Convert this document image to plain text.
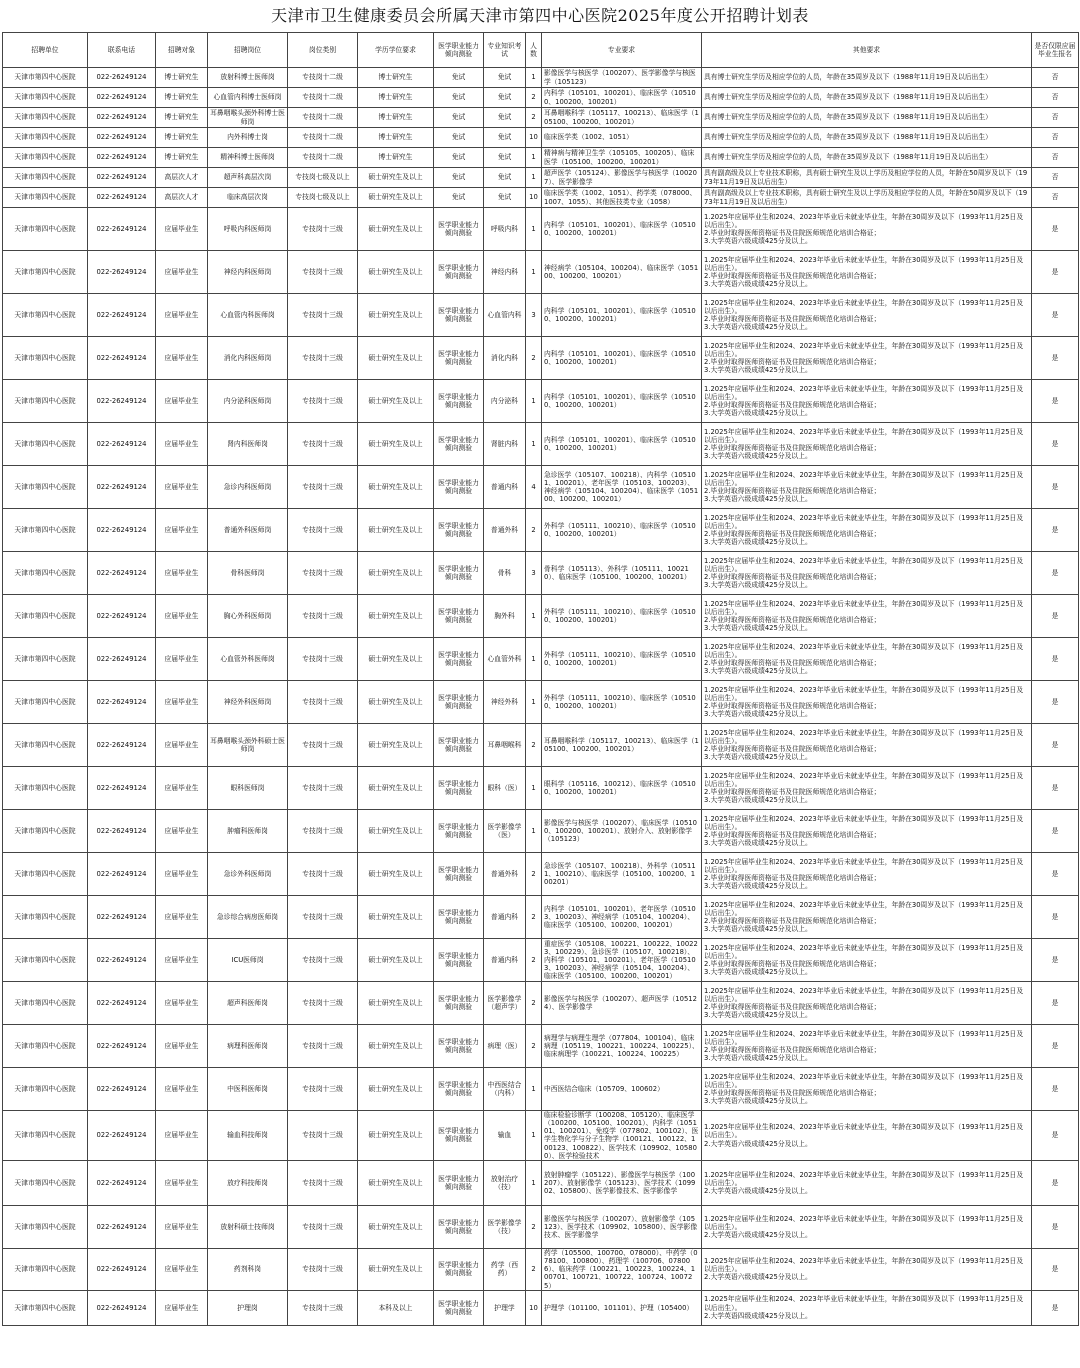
天津市卫生健康委员会所属天津市第四中心医院2025年度公开招聘计划表
招聘单位	联系电话	招聘对象	招聘岗位	岗位类别	学历学位要求	医学职业能力倾向测验	专业知识考试	人数	专业要求	其他要求	是否仅限应届毕业生报名
天津市第四中心医院	022-26249124	博士研究生	放射科博士医师岗	专技岗十二级	博士研究生	免试	免试	1	影像医学与核医学（100207）、医学影像学与核医学（105123）	具有博士研究生学历及相应学位的人员，年龄在35周岁及以下（1988年11月19日及以后出生）	否
天津市第四中心医院	022-26249124	博士研究生	心血管内科博士医师岗	专技岗十二级	博士研究生	免试	免试	2	内科学（105101、100201）、临床医学（105100、100200、100201）	具有博士研究生学历及相应学位的人员，年龄在35周岁及以下（1988年11月19日及以后出生）	否
天津市第四中心医院	022-26249124	博士研究生	耳鼻咽喉头颈外科博士医师岗	专技岗十二级	博士研究生	免试	免试	2	耳鼻咽喉科学（105117、100213）、临床医学（105100、100200、100201）	具有博士研究生学历及相应学位的人员，年龄在35周岁及以下（1988年11月19日及以后出生）	否
天津市第四中心医院	022-26249124	博士研究生	内外科博士岗	专技岗十二级	博士研究生	免试	免试	10	临床医学类（1002、1051）	具有博士研究生学历及相应学位的人员，年龄在35周岁及以下（1988年11月19日及以后出生）	否
天津市第四中心医院	022-26249124	博士研究生	精神科博士医师岗	专技岗十二级	博士研究生	免试	免试	1	精神病与精神卫生学（105105、100205）、临床医学（105100、100200、100201）	具有博士研究生学历及相应学位的人员，年龄在35周岁及以下（1988年11月19日及以后出生）	否
天津市第四中心医院	022-26249124	高层次人才	超声科高层次岗	专技岗七级及以上	硕士研究生及以上	免试	免试	1	超声医学（105124）、影像医学与核医学（100207）、医学影像学	具有副高级及以上专业技术职称，具有硕士研究生及以上学历及相应学位的人员，年龄在50周岁及以下（1973年11月19日及以后出生）	否
天津市第四中心医院	022-26249124	高层次人才	临床高层次岗	专技岗七级及以上	硕士研究生及以上	免试	免试	10	临床医学类（1002、1051）、药学类（078000、1007、1055）、其他医技类专业（1058）	具有副高级及以上专业技术职称，具有硕士研究生及以上学历及相应学位的人员，年龄在50周岁及以下（1973年11月19日及以后出生）	否
天津市第四中心医院	022-26249124	应届毕业生	呼吸内科医师岗	专技岗十三级	硕士研究生及以上	医学职业能力倾向测验	呼吸内科	1	内科学（105101、100201）、临床医学（105100、100200、100201）	1.2025年应届毕业生和2024、2023年毕业后未就业毕业生，年龄在30周岁及以下（1993年11月25日及以后出生）。
2.毕业时取得医师资格证书及住院医师规范化培训合格证；
3.大学英语六级成绩425分及以上。	是
天津市第四中心医院	022-26249124	应届毕业生	神经内科医师岗	专技岗十三级	硕士研究生及以上	医学职业能力倾向测验	神经内科	1	神经病学（105104、100204）、临床医学（105100、100200、100201）	1.2025年应届毕业生和2024、2023年毕业后未就业毕业生，年龄在30周岁及以下（1993年11月25日及以后出生）。
2.毕业时取得医师资格证书及住院医师规范化培训合格证；
3.大学英语六级成绩425分及以上。	是
天津市第四中心医院	022-26249124	应届毕业生	心血管内科医师岗	专技岗十三级	硕士研究生及以上	医学职业能力倾向测验	心血管内科	3	内科学（105101、100201）、临床医学（105100、100200、100201）	1.2025年应届毕业生和2024、2023年毕业后未就业毕业生，年龄在30周岁及以下（1993年11月25日及以后出生）。
2.毕业时取得医师资格证书及住院医师规范化培训合格证；
3.大学英语六级成绩425分及以上。	是
天津市第四中心医院	022-26249124	应届毕业生	消化内科医师岗	专技岗十三级	硕士研究生及以上	医学职业能力倾向测验	消化内科	2	内科学（105101、100201）、临床医学（105100、100200、100201）	1.2025年应届毕业生和2024、2023年毕业后未就业毕业生，年龄在30周岁及以下（1993年11月25日及以后出生）。
2.毕业时取得医师资格证书及住院医师规范化培训合格证；
3.大学英语六级成绩425分及以上。	是
天津市第四中心医院	022-26249124	应届毕业生	内分泌科医师岗	专技岗十三级	硕士研究生及以上	医学职业能力倾向测验	内分泌科	1	内科学（105101、100201）、临床医学（105100、100200、100201）	1.2025年应届毕业生和2024、2023年毕业后未就业毕业生，年龄在30周岁及以下（1993年11月25日及以后出生）。
2.毕业时取得医师资格证书及住院医师规范化培训合格证；
3.大学英语六级成绩425分及以上。	是
天津市第四中心医院	022-26249124	应届毕业生	肾内科医师岗	专技岗十三级	硕士研究生及以上	医学职业能力倾向测验	肾脏内科	1	内科学（105101、100201）、临床医学（105100、100200、100201）	1.2025年应届毕业生和2024、2023年毕业后未就业毕业生，年龄在30周岁及以下（1993年11月25日及以后出生）。
2.毕业时取得医师资格证书及住院医师规范化培训合格证；
3.大学英语六级成绩425分及以上。	是
天津市第四中心医院	022-26249124	应届毕业生	急诊内科医师岗	专技岗十三级	硕士研究生及以上	医学职业能力倾向测验	普通内科	4	急诊医学（105107、100218）、内科学（105101、100201）、老年医学（105103、100203）、神经病学（105104、100204）、临床医学（105100、100200、100201）	1.2025年应届毕业生和2024、2023年毕业后未就业毕业生，年龄在30周岁及以下（1993年11月25日及以后出生）。
2.毕业时取得医师资格证书及住院医师规范化培训合格证；
3.大学英语六级成绩425分及以上。	是
天津市第四中心医院	022-26249124	应届毕业生	普通外科医师岗	专技岗十三级	硕士研究生及以上	医学职业能力倾向测验	普通外科	2	外科学（105111、100210）、临床医学（105100、100200、100201）	1.2025年应届毕业生和2024、2023年毕业后未就业毕业生，年龄在30周岁及以下（1993年11月25日及以后出生）。
2.毕业时取得医师资格证书及住院医师规范化培训合格证；
3.大学英语六级成绩425分及以上。	是
天津市第四中心医院	022-26249124	应届毕业生	骨科医师岗	专技岗十三级	硕士研究生及以上	医学职业能力倾向测验	骨科	3	骨科学（105113）、外科学（105111、100210）、临床医学（105100、100200、100201）	1.2025年应届毕业生和2024、2023年毕业后未就业毕业生，年龄在30周岁及以下（1993年11月25日及以后出生）。
2.毕业时取得医师资格证书及住院医师规范化培训合格证；
3.大学英语六级成绩425分及以上。	是
天津市第四中心医院	022-26249124	应届毕业生	胸心外科医师岗	专技岗十三级	硕士研究生及以上	医学职业能力倾向测验	胸外科	1	外科学（105111、100210）、临床医学（105100、100200、100201）	1.2025年应届毕业生和2024、2023年毕业后未就业毕业生，年龄在30周岁及以下（1993年11月25日及以后出生）。
2.毕业时取得医师资格证书及住院医师规范化培训合格证；
3.大学英语六级成绩425分及以上。	是
天津市第四中心医院	022-26249124	应届毕业生	心血管外科医师岗	专技岗十三级	硕士研究生及以上	医学职业能力倾向测验	心血管外科	1	外科学（105111、100210）、临床医学（105100、100200、100201）	1.2025年应届毕业生和2024、2023年毕业后未就业毕业生，年龄在30周岁及以下（1993年11月25日及以后出生）。
2.毕业时取得医师资格证书及住院医师规范化培训合格证；
3.大学英语六级成绩425分及以上。	是
天津市第四中心医院	022-26249124	应届毕业生	神经外科医师岗	专技岗十三级	硕士研究生及以上	医学职业能力倾向测验	神经外科	1	外科学（105111、100210）、临床医学（105100、100200、100201）	1.2025年应届毕业生和2024、2023年毕业后未就业毕业生，年龄在30周岁及以下（1993年11月25日及以后出生）。
2.毕业时取得医师资格证书及住院医师规范化培训合格证；
3.大学英语六级成绩425分及以上。	是
天津市第四中心医院	022-26249124	应届毕业生	耳鼻咽喉头颈外科硕士医师岗	专技岗十三级	硕士研究生及以上	医学职业能力倾向测验	耳鼻咽喉科	2	耳鼻咽喉科学（105117、100213）、临床医学（105100、100200、100201）	1.2025年应届毕业生和2024、2023年毕业后未就业毕业生，年龄在30周岁及以下（1993年11月25日及以后出生）。
2.毕业时取得医师资格证书及住院医师规范化培训合格证；
3.大学英语六级成绩425分及以上。	是
天津市第四中心医院	022-26249124	应届毕业生	眼科医师岗	专技岗十三级	硕士研究生及以上	医学职业能力倾向测验	眼科（医）	1	眼科学（105116、100212）、临床医学（105100、100200、100201）	1.2025年应届毕业生和2024、2023年毕业后未就业毕业生，年龄在30周岁及以下（1993年11月25日及以后出生）。
2.毕业时取得医师资格证书及住院医师规范化培训合格证；
3.大学英语六级成绩425分及以上。	是
天津市第四中心医院	022-26249124	应届毕业生	肿瘤科医师岗	专技岗十三级	硕士研究生及以上	医学职业能力倾向测验	医学影像学（医）	1	影像医学与核医学（100207）、临床医学（105100、100200、100201）、放射介入、放射影像学（105123）	1.2025年应届毕业生和2024、2023年毕业后未就业毕业生，年龄在30周岁及以下（1993年11月25日及以后出生）。
2.毕业时取得医师资格证书及住院医师规范化培训合格证；
3.大学英语六级成绩425分及以上。	是
天津市第四中心医院	022-26249124	应届毕业生	急诊外科医师岗	专技岗十三级	硕士研究生及以上	医学职业能力倾向测验	普通外科	2	急诊医学（105107、100218）、外科学（105111、100210）、临床医学（105100、100200、100201）	1.2025年应届毕业生和2024、2023年毕业后未就业毕业生，年龄在30周岁及以下（1993年11月25日及以后出生）。
2.毕业时取得医师资格证书及住院医师规范化培训合格证；
3.大学英语六级成绩425分及以上。	是
天津市第四中心医院	022-26249124	应届毕业生	急诊综合病房医师岗	专技岗十三级	硕士研究生及以上	医学职业能力倾向测验	普通内科	2	内科学（105101、100201）、老年医学（105103、100203）、神经病学（105104、100204）、临床医学（105100、100200、100201）	1.2025年应届毕业生和2024、2023年毕业后未就业毕业生，年龄在30周岁及以下（1993年11月25日及以后出生）。
2.毕业时取得医师资格证书及住院医师规范化培训合格证；
3.大学英语六级成绩425分及以上。	是
天津市第四中心医院	022-26249124	应届毕业生	ICU医师岗	专技岗十三级	硕士研究生及以上	医学职业能力倾向测验	普通内科	2	重症医学（105108、100221、100222、100223、100229）、急诊医学（105107、100218）、内科学（105101、100201）、老年医学（105103、100203）、神经病学（105104、100204）、临床医学（105100、100200、100201）	1.2025年应届毕业生和2024、2023年毕业后未就业毕业生，年龄在30周岁及以下（1993年11月25日及以后出生）。
2.毕业时取得医师资格证书及住院医师规范化培训合格证；
3.大学英语六级成绩425分及以上。	是
天津市第四中心医院	022-26249124	应届毕业生	超声科医师岗	专技岗十三级	硕士研究生及以上	医学职业能力倾向测验	医学影像学（超声学）	2	影像医学与核医学（100207）、超声医学（105124）、医学影像学	1.2025年应届毕业生和2024、2023年毕业后未就业毕业生，年龄在30周岁及以下（1993年11月25日及以后出生）。
2.毕业时取得医师资格证书及住院医师规范化培训合格证；
3.大学英语六级成绩425分及以上。	是
天津市第四中心医院	022-26249124	应届毕业生	病理科医师岗	专技岗十三级	硕士研究生及以上	医学职业能力倾向测验	病理（医）	2	病理学与病理生理学（077804、100104）、临床病理（105119、100221、100224、100225）、临床病理学（100221、100224、100225）	1.2025年应届毕业生和2024、2023年毕业后未就业毕业生，年龄在30周岁及以下（1993年11月25日及以后出生）。
2.毕业时取得医师资格证书及住院医师规范化培训合格证；
3.大学英语六级成绩425分及以上。	是
天津市第四中心医院	022-26249124	应届毕业生	中医科医师岗	专技岗十三级	硕士研究生及以上	医学职业能力倾向测验	中西医结合（内科）	1	中西医结合临床（105709、100602）	1.2025年应届毕业生和2024、2023年毕业后未就业毕业生，年龄在30周岁及以下（1993年11月25日及以后出生）。
2.毕业时取得医师资格证书及住院医师规范化培训合格证；
3.大学英语六级成绩425分及以上。	是
天津市第四中心医院	022-26249124	应届毕业生	输血科技师岗	专技岗十三级	硕士研究生及以上	医学职业能力倾向测验	输血	1	临床检验诊断学（100208、105120）、临床医学（100200、105100、100201）、内科学（105101、100201）、免疫学（077802、100102）、医学生物化学与分子生物学（100121、100122、100123、100822）、医学技术（109902、105800）、医学检验技术	1.2025年应届毕业生和2024、2023年毕业后未就业毕业生，年龄在30周岁及以下（1993年11月25日及以后出生）。
2.大学英语六级成绩425分及以上。	是
天津市第四中心医院	022-26249124	应届毕业生	放疗科技师岗	专技岗十三级	硕士研究生及以上	医学职业能力倾向测验	放射治疗（技）	1	放射肿瘤学（105122）、影像医学与核医学（100207）、放射影像学（105123）、医学技术（109902、105800）、医学影像技术、医学影像学	1.2025年应届毕业生和2024、2023年毕业后未就业毕业生，年龄在30周岁及以下（1993年11月25日及以后出生）。
2.大学英语六级成绩425分及以上。	是
天津市第四中心医院	022-26249124	应届毕业生	放射科硕士技师岗	专技岗十三级	硕士研究生及以上	医学职业能力倾向测验	医学影像学（技）	2	影像医学与核医学（100207）、放射影像学（105123）、医学技术（109902、105800）、医学影像技术、医学影像学	1.2025年应届毕业生和2024、2023年毕业后未就业毕业生，年龄在30周岁及以下（1993年11月25日及以后出生）。
2.大学英语六级成绩425分及以上。	是
天津市第四中心医院	022-26249124	应届毕业生	药剂科岗	专技岗十三级	硕士研究生及以上	医学职业能力倾向测验	药学（西药）	2	药学（105500、100700、078000）、中药学（078100、100800）、药理学（100706、078006）、临床药学（100221、100223、100224、100701、100721、100722、100724、100725）	1.2025年应届毕业生和2024、2023年毕业后未就业毕业生，年龄在30周岁及以下（1993年11月25日及以后出生）。
2.大学英语六级成绩425分及以上。	是
天津市第四中心医院	022-26249124	应届毕业生	护理岗	专技岗十三级	本科及以上	医学职业能力倾向测验	护理学	10	护理学（101100、101101）、护理（105400）	1.2025年应届毕业生和2024、2023年毕业后未就业毕业生，年龄在30周岁及以下（1993年11月25日及以后出生）。
2.大学英语四级成绩425分及以上。	是
